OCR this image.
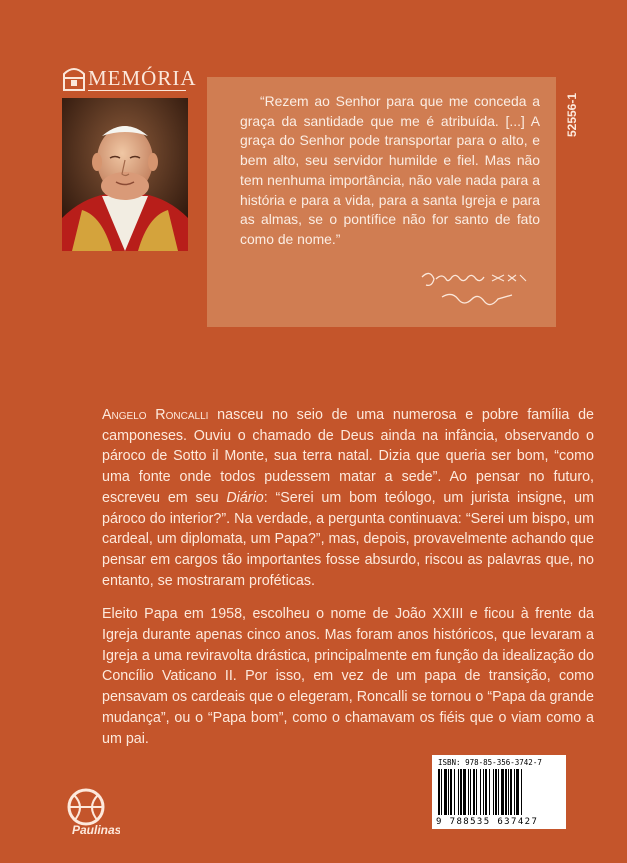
MEMÓRIA
52556-1

“Rezem ao Senhor para que me conceda a graça da santidade que me é atribuída. [...] A graça do Senhor pode transportar para o alto, e bem alto, seu servidor humilde e fiel. Mas não tem nenhuma importância, não vale nada para a história e para a vida, para a santa Igreja e para as almas, se o pontífice não for santo de fato como de nome.”

Angelo Roncalli nasceu no seio de uma numerosa e pobre família de camponeses. Ouviu o chamado de Deus ainda na infância, observando o pároco de Sotto il Monte, sua terra natal. Dizia que queria ser bom, “como uma fonte onde todos pudessem matar a sede”. Ao pensar no futuro, escreveu em seu Diário: “Serei um bom teólogo, um jurista insigne, um pároco do interior?”. Na verdade, a pergunta continuava: “Serei um bispo, um cardeal, um diplomata, um Papa?”, mas, depois, provavelmente achando que pensar em cargos tão importantes fosse absurdo, riscou as palavras que, no entanto, se mostraram proféticas.

Eleito Papa em 1958, escolheu o nome de João XXIII e ficou à frente da Igreja durante apenas cinco anos. Mas foram anos históricos, que levaram a Igreja a uma reviravolta drástica, principalmente em função da idealização do Concílio Vaticano II. Por isso, em vez de um papa de transição, como pensavam os cardeais que o elegeram, Roncalli se tornou o “Papa da grande mudança”, ou o “Papa bom”, como o chamavam os fiéis que o viam como a um pai.

Paulinas
ISBN: 978-85-356-3742-7
9 788535 637427
